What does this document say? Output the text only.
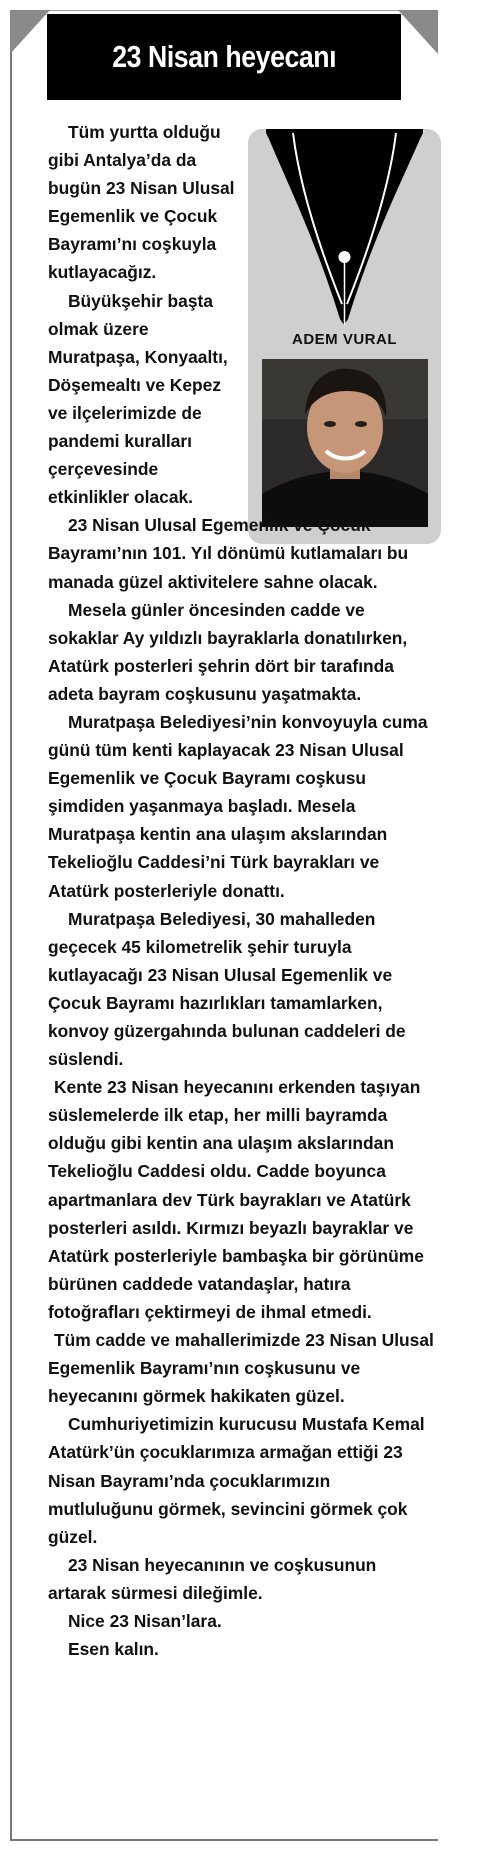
23 Nisan heyecanı
ADEM VURAL

Tüm yurtta olduğu gibi Antalya’da da bugün 23 Nisan Ulusal Egemenlik ve Çocuk Bayramı’nı coşkuyla kutlayacağız.

Büyükşehir başta olmak üzere Muratpaşa, Konyaaltı, Döşemealtı ve Kepez ve ilçelerimizde de pandemi kuralları çerçevesinde etkinlikler olacak.

23 Nisan Ulusal Egemenlik ve Çocuk Bayramı’nın 101. Yıl dönümü kutlamaları bu manada güzel aktivitelere sahne olacak.

Mesela günler öncesinden cadde ve sokaklar Ay yıldızlı bayraklarla donatılırken, Atatürk posterleri şehrin dört bir tarafında adeta bayram coşkusunu yaşatmakta.

Muratpaşa Belediyesi’nin konvoyuyla cuma günü tüm kenti kaplayacak 23 Nisan Ulusal Egemenlik ve Çocuk Bayramı coşkusu şimdiden yaşanmaya başladı. Mesela Muratpaşa kentin ana ulaşım akslarından Tekelioğlu Caddesi’ni Türk bayrakları ve Atatürk posterleriyle donattı.

Muratpaşa Belediyesi, 30 mahalleden geçecek 45 kilometrelik şehir turuyla kutlayacağı 23 Nisan Ulusal Egemenlik ve Çocuk Bayramı hazırlıkları tamamlarken, konvoy güzergahında bulunan caddeleri de süslendi.

Kente 23 Nisan heyecanını erkenden taşıyan süslemelerde ilk etap, her milli bayramda olduğu gibi kentin ana ulaşım akslarından Tekelioğlu Caddesi oldu. Cadde boyunca apartmanlara dev Türk bayrakları ve Atatürk posterleri asıldı. Kırmızı beyazlı bayraklar ve Atatürk posterleriyle bambaşka bir görünüme bürünen caddede vatandaşlar, hatıra fotoğrafları çektirmeyi de ihmal etmedi.

Tüm cadde ve mahallerimizde 23 Nisan Ulusal Egemenlik Bayramı’nın coşkusunu ve heyecanını görmek hakikaten güzel.

Cumhuriyetimizin kurucusu Mustafa Kemal Atatürk’ün çocuklarımıza armağan ettiği 23 Nisan Bayramı’nda çocuklarımızın mutluluğunu görmek, sevincini görmek çok güzel.

23 Nisan heyecanının ve coşkusunun artarak sürmesi dileğimle.

Nice 23 Nisan’lara.

Esen kalın.
